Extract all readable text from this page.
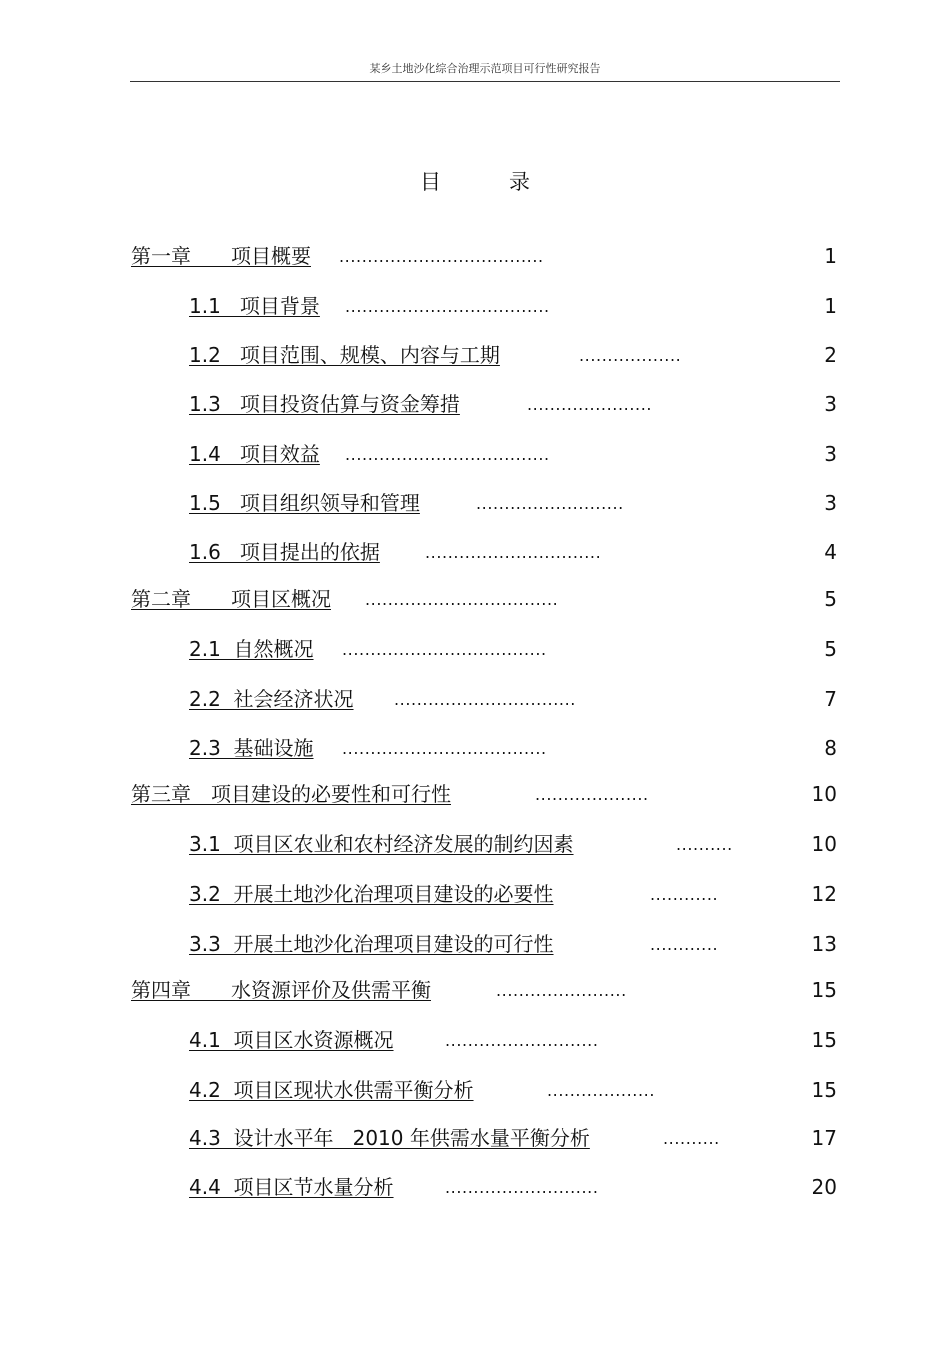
某乡土地沙化综合治理示范项目可行性研究报告
目录
第一章　　项目概要 ....................................	1
1.1   项目背景 ....................................	1
1.2   项目范围、规模、内容与工期	..................	2
1.3   项目投资估算与资金筹措	......................	3
1.4   项目效益 ....................................	3
1.5   项目组织领导和管理	..........................	3
1.6   项目提出的依据	...............................	4
第二章　　项目区概况 ..................................	5
2.1  自然概况 ....................................	5
2.2  社会经济状况	................................	7
2.3  基础设施 ....................................	8
第三章　项目建设的必要性和可行性	....................	10
3.1  项目区农业和农村经济发展的制约因素	..........	10
3.2  开展土地沙化治理项目建设的必要性	............	12
3.3  开展土地沙化治理项目建设的可行性	............	13
第四章　　水资源评价及供需平衡	.......................	15
4.1  项目区水资源概况	...........................	15
4.2  项目区现状水供需平衡分析	...................	15
4.3  设计水平年   2010 年供需水量平衡分析	..........	17
4.4  项目区节水量分析	...........................	20
